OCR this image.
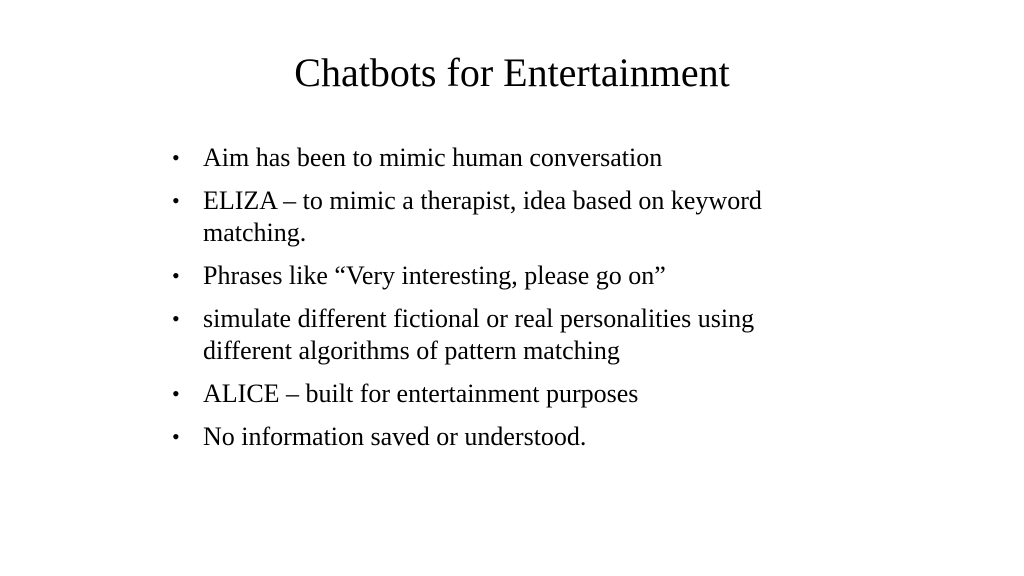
Chatbots for Entertainment
• Aim has been to mimic human conversation
• ELIZA – to mimic a therapist, idea based on keyword matching.
• Phrases like “Very interesting, please go on”
• simulate different fictional or real personalities using different algorithms of pattern matching
• ALICE – built for entertainment purposes
• No information saved or understood.
